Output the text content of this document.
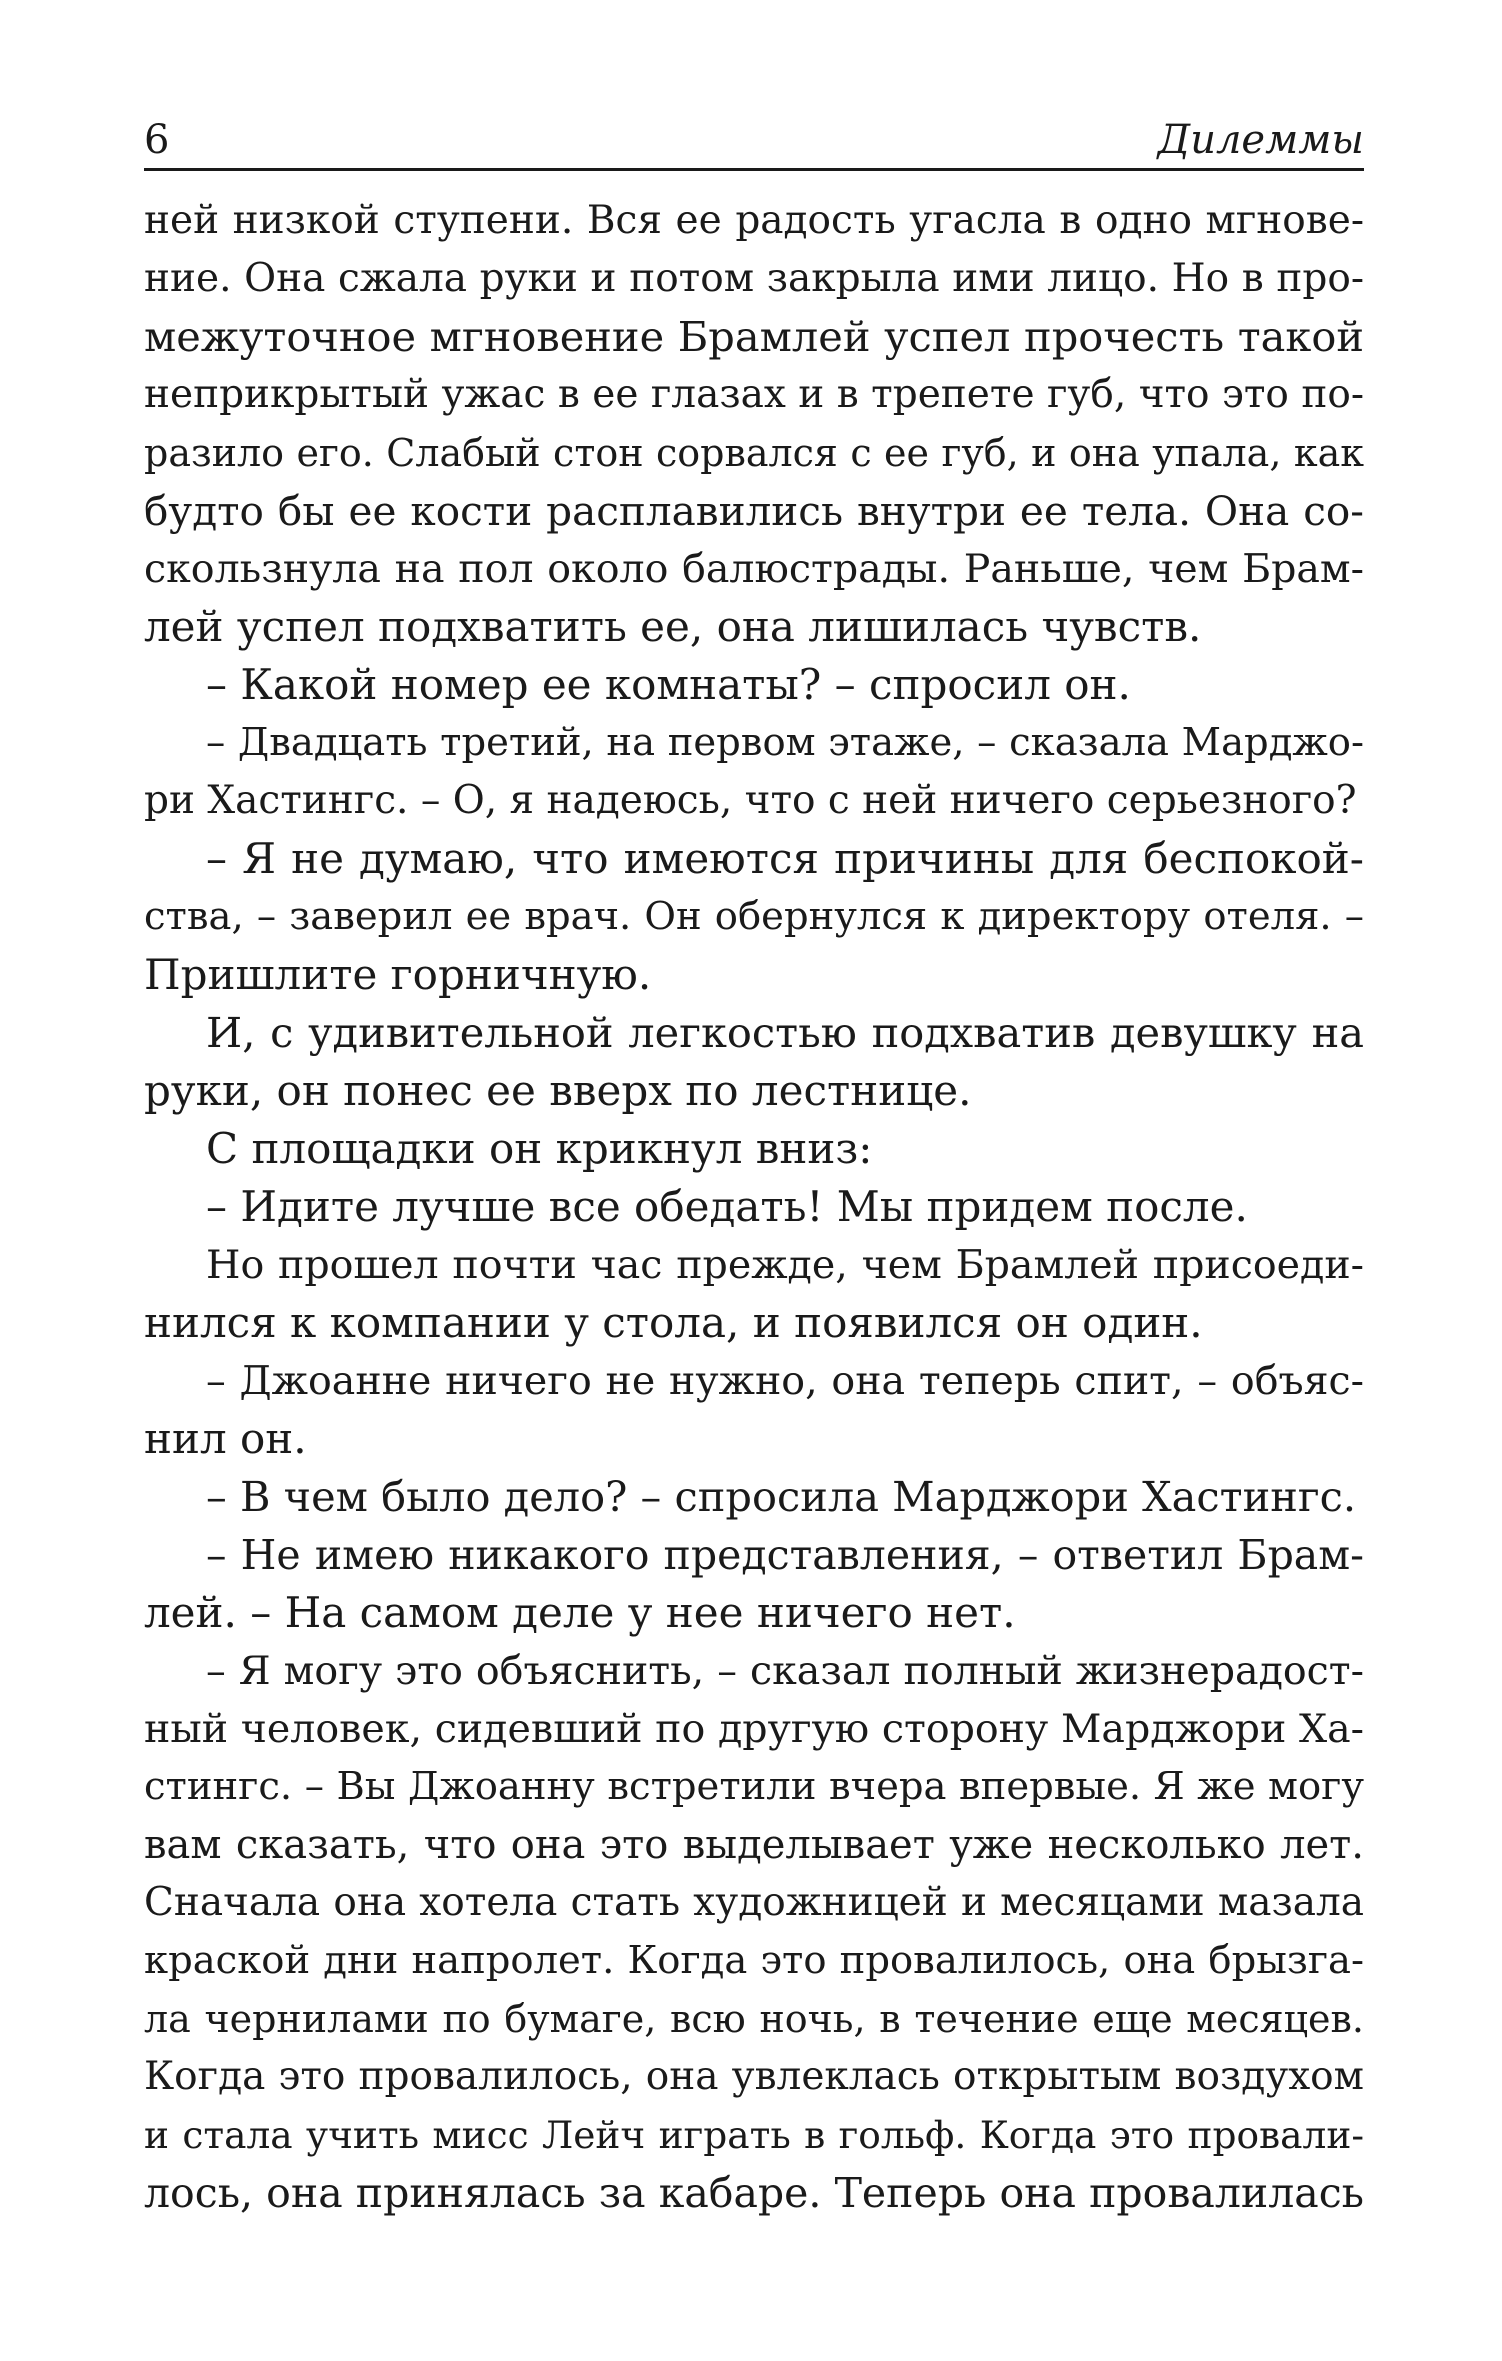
6	Дилеммы
ней низкой ступени. Вся ее радость угасла в одно мгнове-
ние. Она сжала руки и потом закрыла ими лицо. Но в про-
межуточное мгновение Брамлей успел прочесть такой
неприкрытый ужас в ее глазах и в трепете губ, что это по-
разило его. Слабый стон сорвался с ее губ, и она упала, как
будто бы ее кости расплавились внутри ее тела. Она со-
скользнула на пол около балюстрады. Раньше, чем Брам-
лей успел подхватить ее, она лишилась чувств.
– Какой номер ее комнаты? – спросил он.
– Двадцать третий, на первом этаже, – сказала Марджо-
ри Хастингс. – О, я надеюсь, что с ней ничего серьезного?
– Я не думаю, что имеются причины для беспокой-
ства, – заверил ее врач. Он обернулся к директору отеля. –
Пришлите горничную.
И, с удивительной легкостью подхватив девушку на
руки, он понес ее вверх по лестнице.
С площадки он крикнул вниз:
– Идите лучше все обедать! Мы придем после.
Но прошел почти час прежде, чем Брамлей присоеди-
нился к компании у стола, и появился он один.
– Джоанне ничего не нужно, она теперь спит, – объяс-
нил он.
– В чем было дело? – спросила Марджори Хастингс.
– Не имею никакого представления, – ответил Брам-
лей. – На самом деле у нее ничего нет.
– Я могу это объяснить, – сказал полный жизнерадост-
ный человек, сидевший по другую сторону Марджори Ха-
стингс. – Вы Джоанну встретили вчера впервые. Я же могу
вам сказать, что она это выделывает уже несколько лет.
Сначала она хотела стать художницей и месяцами мазала
краской дни напролет. Когда это провалилось, она брызга-
ла чернилами по бумаге, всю ночь, в течение еще месяцев.
Когда это провалилось, она увлеклась открытым воздухом
и стала учить мисс Лейч играть в гольф. Когда это провали-
лось, она принялась за кабаре. Теперь она провалилась
